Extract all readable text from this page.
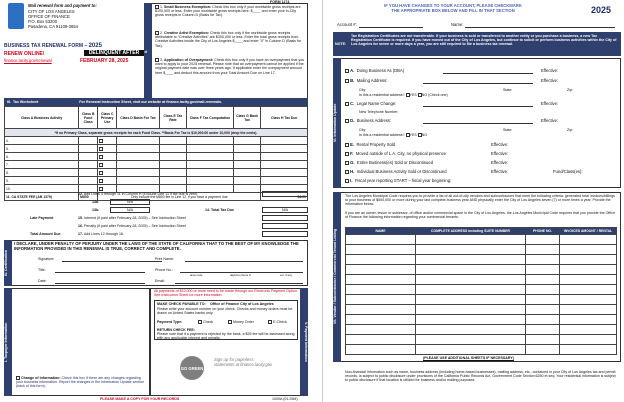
Mail renewal form and payment to:
CITY OF LOS ANGELES
OFFICE OF FINANCE
P.O. Box 53200
Pasadena, CA 91109-3654
BUSINESS TAX RENEWAL FORM – 2025
RENEW ONLINE!
finance.lacity.gov/renewal
DELINQUENT AFTER
FEBRUARY 28, 2025
FORM 1174
II.
1. Small Business Exemption: Check this box only if your worldwide gross receipts are $100,000 or less. Enter your worldwide gross receipts here: $____ and enter your in-City gross receipts in Column D (Basis for Tax).
2. Creative Artist Exemption: Check this box only if the worldwide gross receipts attributable to "Creative Activities" are $300,000 or less. Enter the total gross receipts from Creative Activities inside the City of Los Angeles $____ and enter "0" in Column D (Basis for Tax).
3. Application of Overpayment: Check this box only if you have an overpayment that you want to apply to your 2025 renewal. Please note that an overpayment cannot be applied if the original payment date was over three years ago. If applicable enter the overpayment amount here $____ and deduct this amount from your Total Amount Due on Line 17.
III. Tax Worksheet	For Renewal Instruction Sheet, visit our website at finance.lacity.gov/mail-renewals.
Class A Business Activity	Class B Fund Class	Class C Primary Use	Class D Basis For Tax	Class E Tax Rate	Class F Tax Computation	Class G Bank Tax	Class H Tax Due
*If no Primary Class, separate gross receipts for each Fund Class. **Basis For Tax is $10,000.00 under 10,000 (drop the cents).							
4.							
5.							
6.							
7.							
8.							
9.							
10.							
11. CA STATE FEE (AB 1379)	M800	Only include the M800 fee in Line 12, if you have a payment due					$4.00
12. Add Lines 4 through 11 in Column H (Exclude Line 11 if tax due is zero)
13a.	N/A
13b.	N/A	14. Total Tax Due	N/A
Late Payment	15. Interest (if paid after February 28, 2025) – See Instruction Sheet
16. Penalty (if paid after February 28, 2025) – See Instruction Sheet
Total Amount Due	17. Add Lines 12 through 16.
IV. Certification
I DECLARE, UNDER PENALTY OF PERJURY UNDER THE LAWS OF THE STATE OF CALIFORNIA THAT TO THE BEST OF MY KNOWLEDGE THE INFORMATION PROVIDED IN THIS RENEWAL IS TRUE, CORRECT AND COMPLETE.
Signature:	Print Name:
Title:	Phone No.:
area code	daytime phone #	ext. if any
Date:	Email:
I. Taxpayer Information
Change of Information: Check this box if there are any changes regarding your business information. Report the changes in the Information Update section (back of this form).
V. Payment Information
All payments of $10,000 or more need to be made through our Electronic Payment Option. See Instruction Sheet for more information.
MAKE CHECK PAYABLE TO: Office of Finance City of Los Angeles
Please write your account number on your check. Checks and money orders must be drawn on United States banks only.
Payment Type:	Check	Money Order	E-Check
RETURN CHECK FEE:
Please note that if a payment is rejected by the bank, a $25 fee will be assessed along with any applicable interest and penalty.
GO GREEN
Sign up for paperless statements at finance.lacity.gov
PLEASE MAKE A COPY FOR YOUR RECORDS	1000A (01.25M)
IF YOU HAVE CHANGES TO YOUR ACCOUNT, PLEASE CHECKMARK
THE APPROPRIATE BOX BELOW AND FILL IN THAT SECTION	2025
Account #:	Name:
NOTE:
Tax Registration Certificates are not transferable. If your business is sold or transferred to another entity or you purchase a business, a new Tax Registration Certificate is required. If you have moved out of the City of Los Angeles, but continue to solicit or perform business activities within the City of Los Angeles for seven or more days a year, you are still required to file a business tax renewal.
VI. Information Update
A. Doing Business As (DBA)	Effective:
B. Mailing Address:	Effective:
City:	State:	Zip:
Is this a residential address? YES NO (Check one)
C. Legal Name Change:	Effective:
New Telephone Number:
D. Business Address:	Effective:
City:	State:	Zip:
Is this a residential address? YES NO
E. Rental Property Sold	Effective:
F. Moved outside of L.A. City, no physical presence	Effective:
G. Entire Business(es) Sold or Discontinued	Effective:
H. Individual Business Activity Sold or Discontinued	Effective:	Fund/Class(es):
I. Fiscal year reporting START – fiscal year beginning:
VII. Vendor / Subcontractor / Commercial Tenant Listing
The Los Angeles Municipal Code requires you to provide a list of all out-of-city vendors and subcontractors that meet the following criteria: generated total invoices/billings to your business of $500,000 or more during your last complete business year AND physically enter the City of Los Angeles seven (7) or more times a year. Provide the information below.
If you are an owner, lessor or sublessor, of office and/or commercial space in the City of Los Angeles, the Los Angeles Municipal Code requires that you provide the Office of Finance the following information regarding your commercial tenants.
NAME	COMPLETE ADDRESS including SUITE NUMBER	PHONE NO.	INVOICED AMOUNT / RENTAL

(PLEASE USE ADDITIONAL SHEETS IF NECESSARY)
Non-financial information such as name, business address (including home-based businesses), mailing address, etc., contained in your City of Los Angeles tax and permit records, is subject to public disclosure under provisions of the California Public Records Act, Government Code Section 6250 et seq. Your residential information is subject to public disclosure if that location is utilized for business and/or mailing purposes.
